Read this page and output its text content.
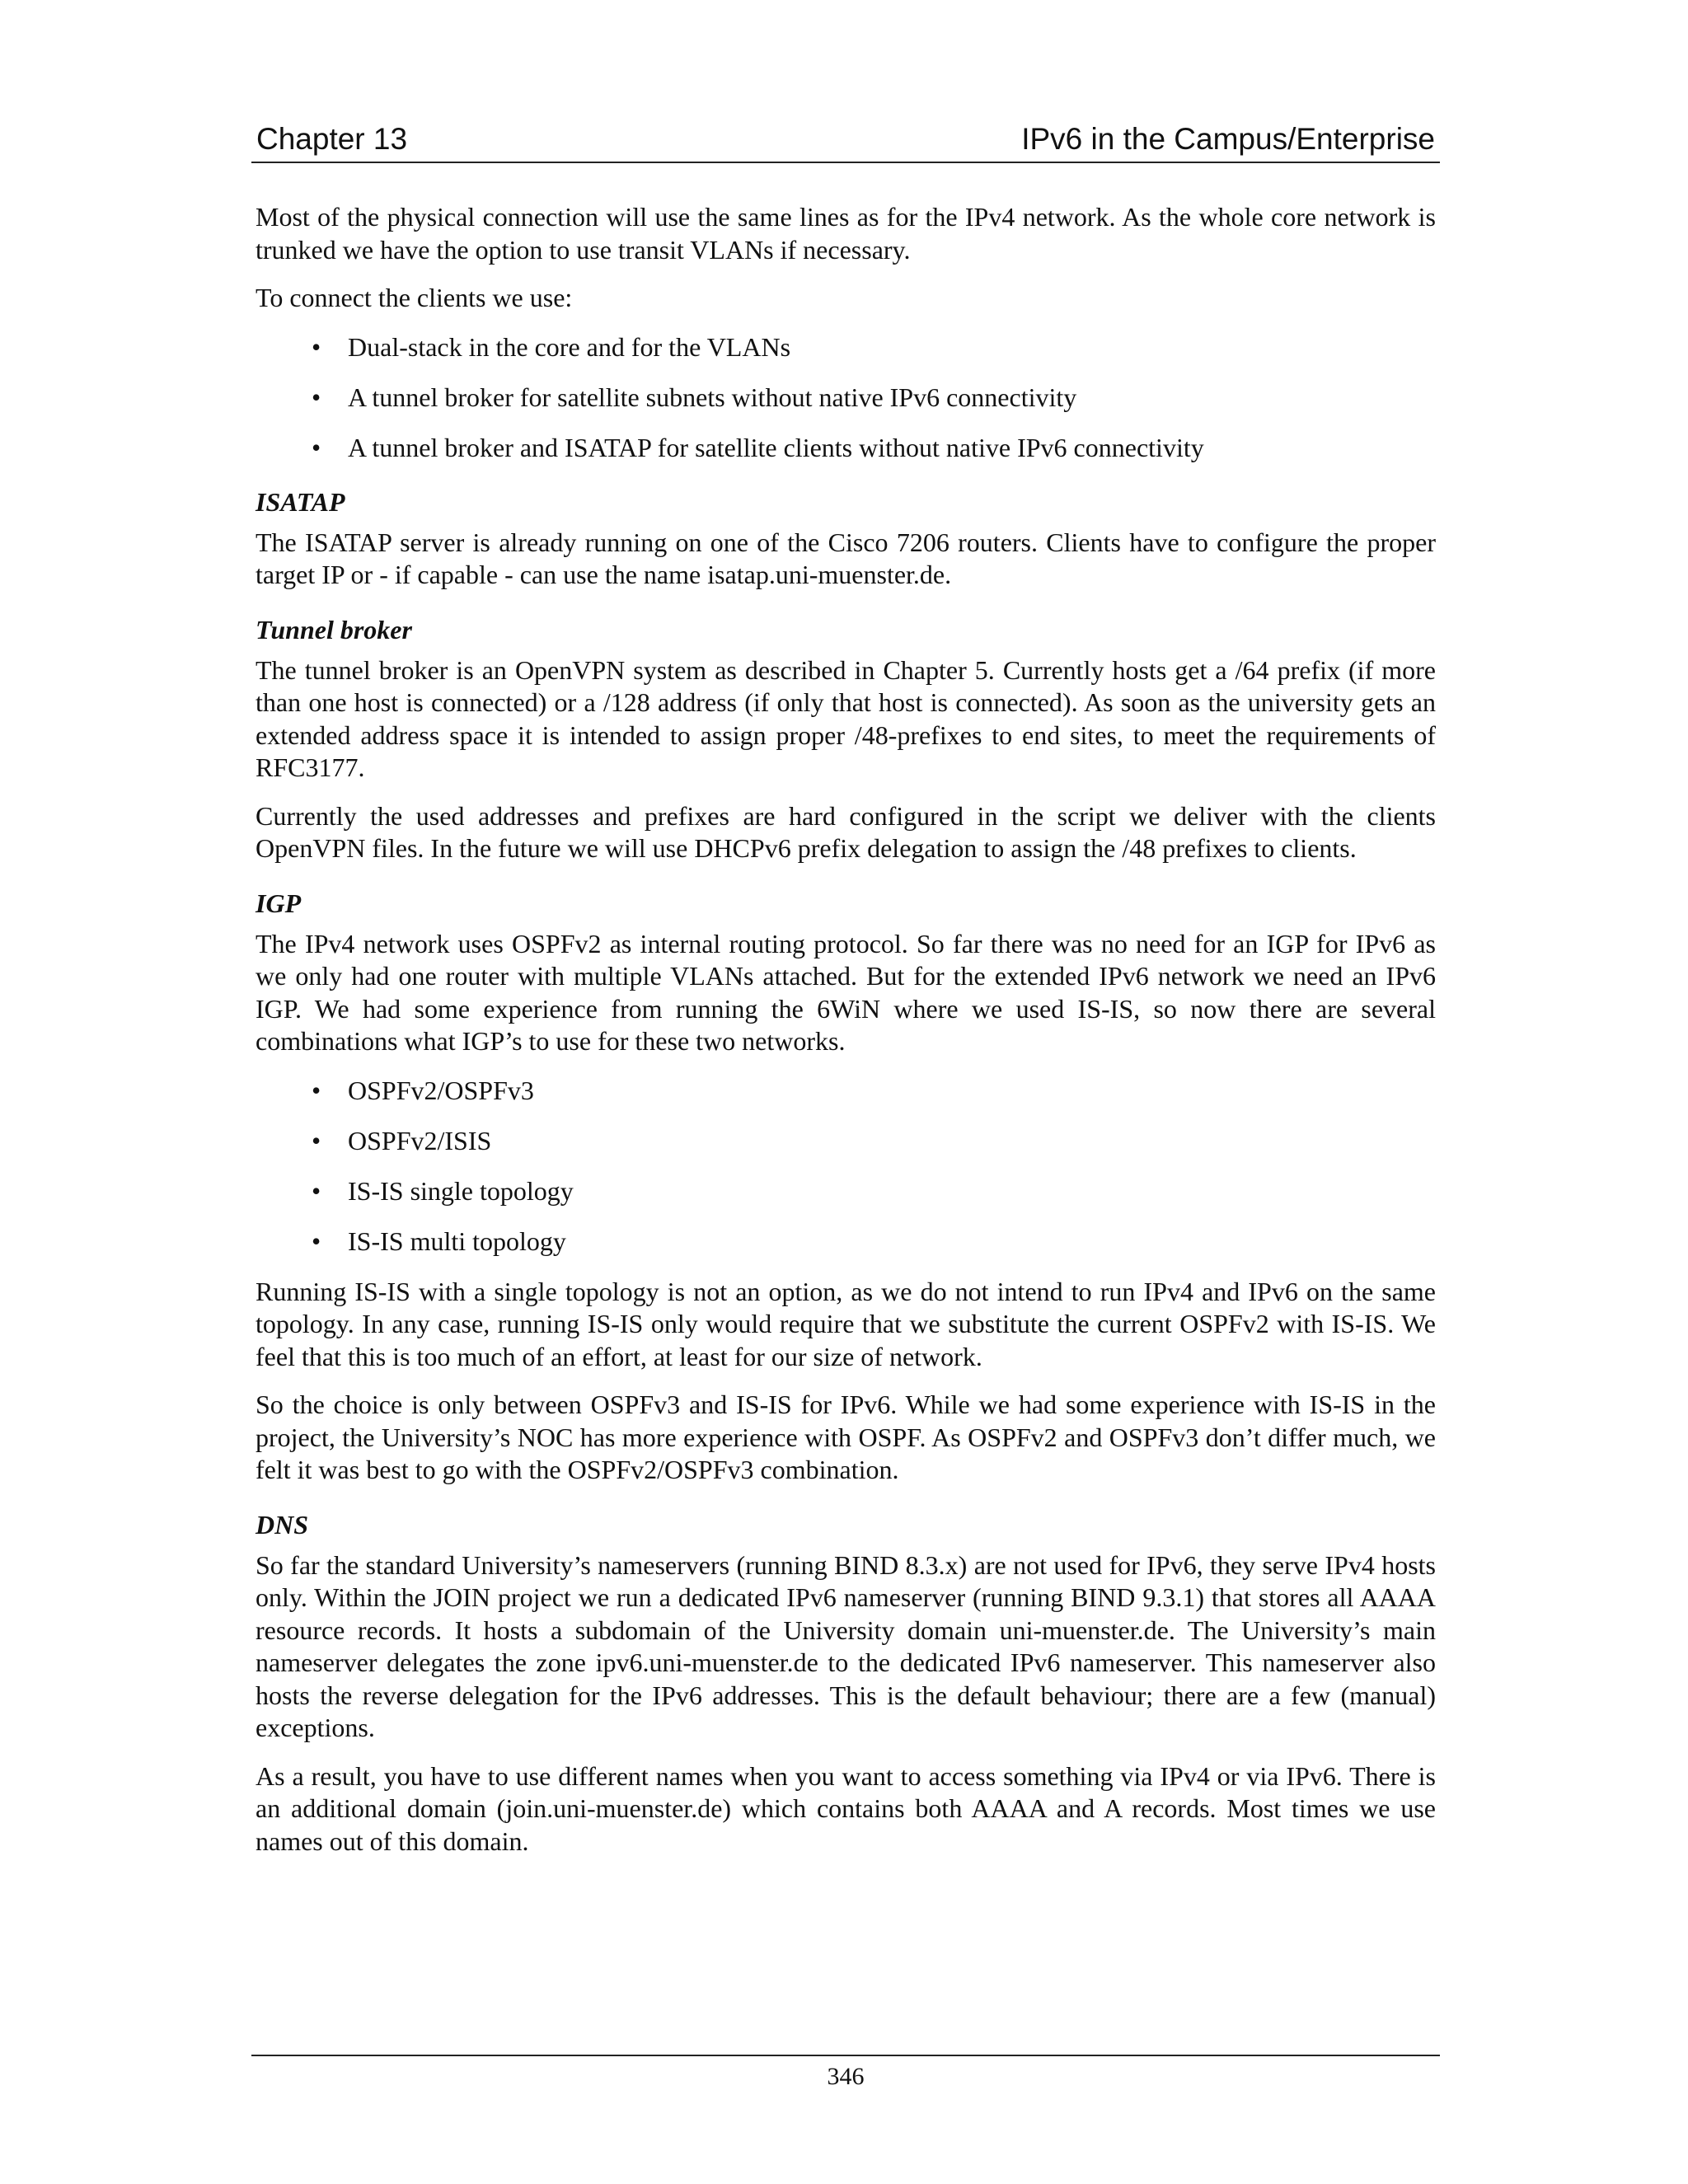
Chapter 13	IPv6 in the Campus/Enterprise

Most of the physical connection will use the same lines as for the IPv4 network. As the whole core network is trunked we have the option to use transit VLANs if necessary.

To connect the clients we use:

• Dual-stack in the core and for the VLANs
• A tunnel broker for satellite subnets without native IPv6 connectivity
• A tunnel broker and ISATAP for satellite clients without native IPv6 connectivity
ISATAP

The ISATAP server is already running on one of the Cisco 7206 routers. Clients have to configure the proper target IP or - if capable - can use the name isatap.uni-muenster.de.

Tunnel broker

The tunnel broker is an OpenVPN system as described in Chapter 5. Currently hosts get a /64 prefix (if more than one host is connected) or a /128 address (if only that host is connected). As soon as the university gets an extended address space it is intended to assign proper /48-prefixes to end sites, to meet the requirements of RFC3177.

Currently the used addresses and prefixes are hard configured in the script we deliver with the clients OpenVPN files. In the future we will use DHCPv6 prefix delegation to assign the /48 prefixes to clients.

IGP

The IPv4 network uses OSPFv2 as internal routing protocol. So far there was no need for an IGP for IPv6 as we only had one router with multiple VLANs attached. But for the extended IPv6 network we need an IPv6 IGP. We had some experience from running the 6WiN where we used IS-IS, so now there are several combinations what IGP’s to use for these two networks.

• OSPFv2/OSPFv3
• OSPFv2/ISIS
• IS-IS single topology
• IS-IS multi topology

Running IS-IS with a single topology is not an option, as we do not intend to run IPv4 and IPv6 on the same topology. In any case, running IS-IS only would require that we substitute the current OSPFv2 with IS-IS. We feel that this is too much of an effort, at least for our size of network.

So the choice is only between OSPFv3 and IS-IS for IPv6. While we had some experience with IS-IS in the project, the University’s NOC has more experience with OSPF. As OSPFv2 and OSPFv3 don’t differ much, we felt it was best to go with the OSPFv2/OSPFv3 combination.

DNS

So far the standard University’s nameservers (running BIND 8.3.x) are not used for IPv6, they serve IPv4 hosts only. Within the JOIN project we run a dedicated IPv6 nameserver (running BIND 9.3.1) that stores all AAAA resource records. It hosts a subdomain of the University domain uni-muenster.de. The University’s main nameserver delegates the zone ipv6.uni-muenster.de to the dedicated IPv6 nameserver. This nameserver also hosts the reverse delegation for the IPv6 addresses. This is the default behaviour; there are a few (manual) exceptions.

As a result, you have to use different names when you want to access something via IPv4 or via IPv6. There is an additional domain (join.uni-muenster.de) which contains both AAAA and A records. Most times we use names out of this domain.

346
